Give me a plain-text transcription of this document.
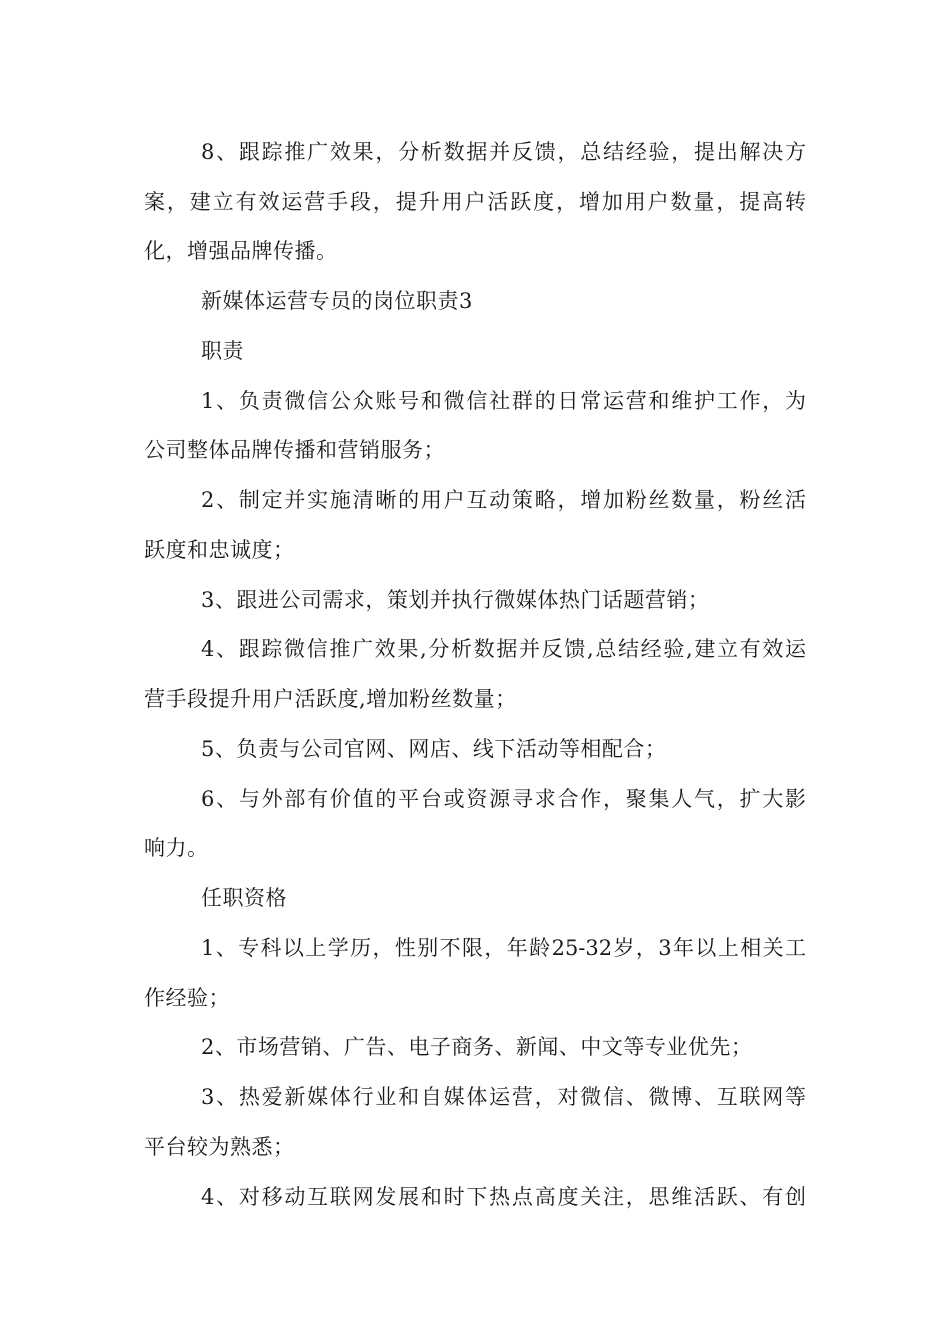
8、跟踪推广效果，分析数据并反馈，总结经验，提出解决方
案，建立有效运营手段，提升用户活跃度，增加用户数量，提高转
化，增强品牌传播。
新媒体运营专员的岗位职责3
职责
1、负责微信公众账号和微信社群的日常运营和维护工作，为
公司整体品牌传播和营销服务；
2、制定并实施清晰的用户互动策略，增加粉丝数量，粉丝活
跃度和忠诚度；
3、跟进公司需求，策划并执行微媒体热门话题营销；
4、跟踪微信推广效果,分析数据并反馈,总结经验,建立有效运
营手段提升用户活跃度,增加粉丝数量；
5、负责与公司官网、网店、线下活动等相配合；
6、与外部有价值的平台或资源寻求合作，聚集人气，扩大影
响力。
任职资格
1、专科以上学历，性别不限，年龄25-32岁，3年以上相关工
作经验；
2、市场营销、广告、电子商务、新闻、中文等专业优先；
3、热爱新媒体行业和自媒体运营，对微信、微博、互联网等
平台较为熟悉；
4、对移动互联网发展和时下热点高度关注，思维活跃、有创
